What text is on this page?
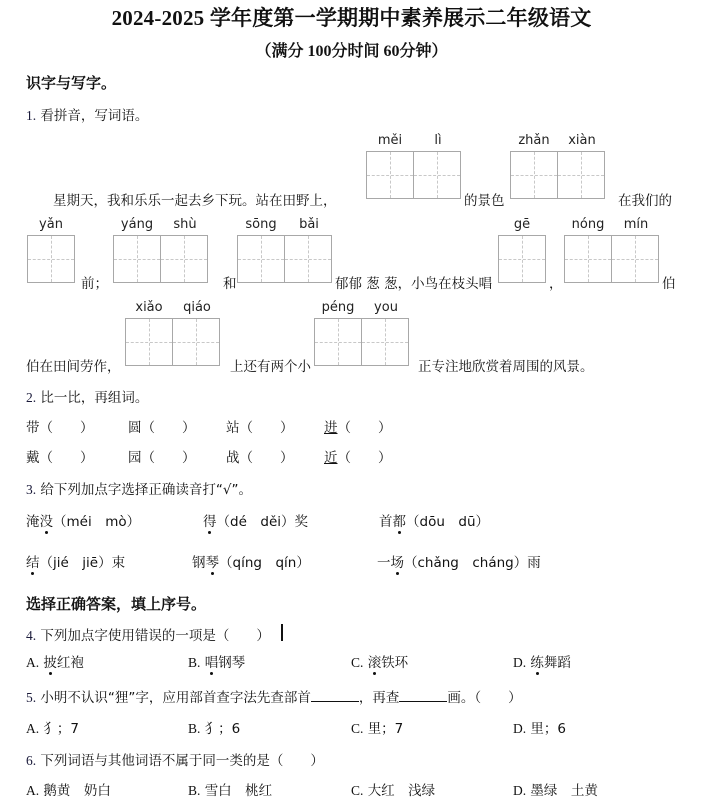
2024-2025 学年度第一学期期中素养展示二年级语文
（满分 100分时间 60分钟）
识字与写字。
1. 看拼音，写词语。
měi	lì	zhǎn	xiàn
星期天，我和乐乐一起去乡下玩。站在田野上，	的景色	在我们的
yǎn
前；
yáng	shù
和
sōng	bǎi
郁郁 葱 葱，小鸟在枝头唱
gē
，
nóng	mín
伯
伯在田间劳作，
xiǎo	qiáo
上还有两个小
péng	you
正专注地欣赏着周围的风景。
2. 比一比，再组词。
带（　　）	圆（　　） 站（　　） 进（　　）
戴（　　）	园（　　） 战（　　） 近（　　）
3. 给下列加点字选择正确读音打“√”。
淹没（méi　mò）	得（dé　děi）奖	首都（dōu　dū）
结（jié　jiē）束	钢琴（qíng　qín）	一场（chǎng　cháng）雨
选择正确答案，填上序号。
4. 下列加点字使用错误的一项是（　　）
A. 披红袍	B. 唱钢琴	C. 滚铁环	D. 练舞蹈
5. 小明不认识“狸”字，应用部首查字法先查部首	，再查	画。（　　）
A. 犭；7	B. 犭；6	C. 里；7	D. 里；6
6. 下列词语与其他词语不属于同一类的是（　　）
A. 鹅黄　奶白	B. 雪白　桃红	C. 大红　浅绿	D. 墨绿　土黄
